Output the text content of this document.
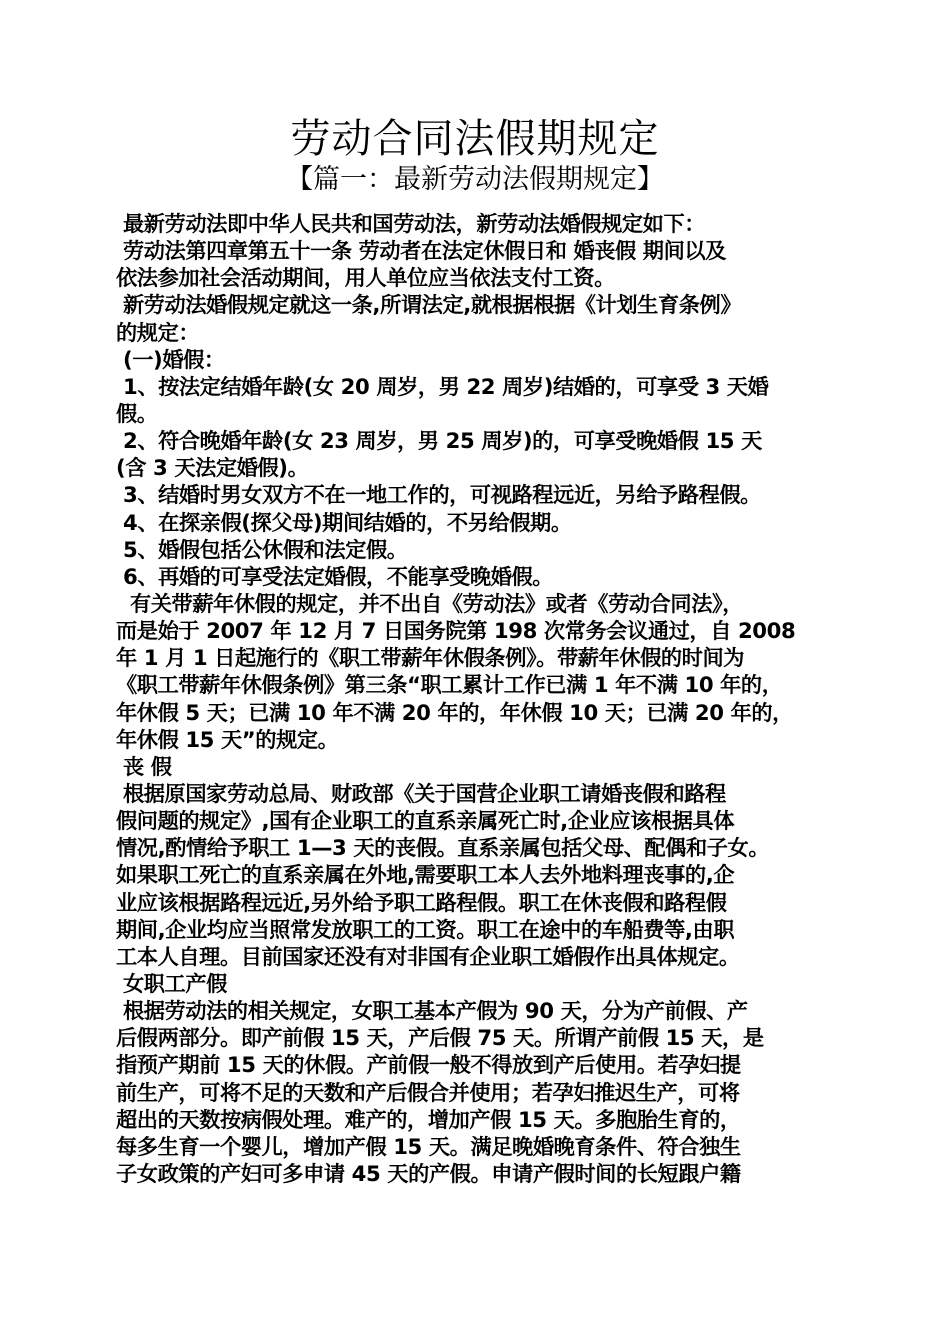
劳动合同法假期规定
【篇一：最新劳动法假期规定】
最新劳动法即中华人民共和国劳动法，新劳动法婚假规定如下：
劳动法第四章第五十一条 劳动者在法定休假日和 婚丧假 期间以及
依法参加社会活动期间，用人单位应当依法支付工资。
新劳动法婚假规定就这一条,所谓法定,就根据根据《计划生育条例》
的规定：
(一)婚假：
1、按法定结婚年龄(女 20 周岁，男 22 周岁)结婚的，可享受 3 天婚
假。
2、符合晚婚年龄(女 23 周岁，男 25 周岁)的，可享受晚婚假 15 天
(含 3 天法定婚假)。
3、结婚时男女双方不在一地工作的，可视路程远近，另给予路程假。
4、在探亲假(探父母)期间结婚的，不另给假期。
5、婚假包括公休假和法定假。
6、再婚的可享受法定婚假，不能享受晚婚假。
有关带薪年休假的规定，并不出自《劳动法》或者《劳动合同法》，
而是始于 2007 年 12 月 7 日国务院第 198 次常务会议通过，自 2008
年 1 月 1 日起施行的《职工带薪年休假条例》。带薪年休假的时间为
《职工带薪年休假条例》第三条“职工累计工作已满 1 年不满 10 年的，
年休假 5 天；已满 10 年不满 20 年的，年休假 10 天；已满 20 年的，
年休假 15 天”的规定。
丧 假
根据原国家劳动总局、财政部《关于国营企业职工请婚丧假和路程
假问题的规定》,国有企业职工的直系亲属死亡时,企业应该根据具体
情况,酌情给予职工 1—3 天的丧假。直系亲属包括父母、配偶和子女。
如果职工死亡的直系亲属在外地,需要职工本人去外地料理丧事的,企
业应该根据路程远近,另外给予职工路程假。职工在休丧假和路程假
期间,企业均应当照常发放职工的工资。职工在途中的车船费等,由职
工本人自理。目前国家还没有对非国有企业职工婚假作出具体规定。
女职工产假
根据劳动法的相关规定，女职工基本产假为 90 天，分为产前假、产
后假两部分。即产前假 15 天，产后假 75 天。所谓产前假 15 天，是
指预产期前 15 天的休假。产前假一般不得放到产后使用。若孕妇提
前生产，可将不足的天数和产后假合并使用；若孕妇推迟生产，可将
超出的天数按病假处理。难产的，增加产假 15 天。多胞胎生育的，
每多生育一个婴儿，增加产假 15 天。满足晚婚晚育条件、符合独生
子女政策的产妇可多申请 45 天的产假。申请产假时间的长短跟户籍
